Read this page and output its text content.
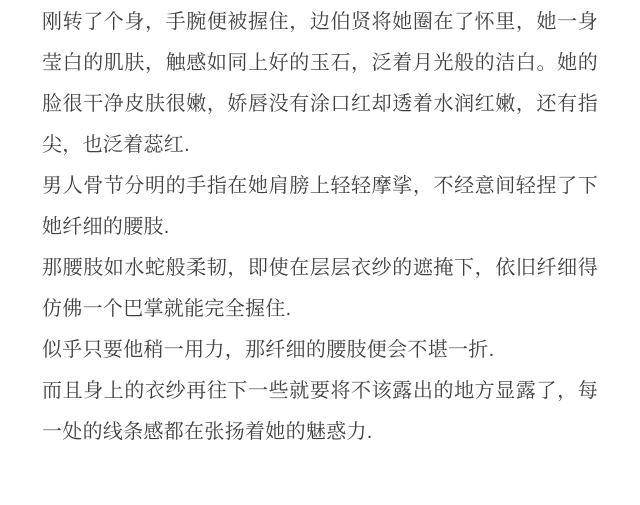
刚转了个身，手腕便被握住，边伯贤将她圈在了怀里，她一身莹白的肌肤，触感如同上好的玉石，泛着月光般的洁白。她的脸很干净皮肤很嫩，娇唇没有涂口红却透着水润红嫩，还有指尖，也泛着蕊红.

男人骨节分明的手指在她肩膀上轻轻摩挲，不经意间轻捏了下她纤细的腰肢.

那腰肢如水蛇般柔韧，即使在层层衣纱的遮掩下，依旧纤细得仿佛一个巴掌就能完全握住.

似乎只要他稍一用力，那纤细的腰肢便会不堪一折.

而且身上的衣纱再往下一些就要将不该露出的地方显露了，每一处的线条感都在张扬着她的魅惑力.
